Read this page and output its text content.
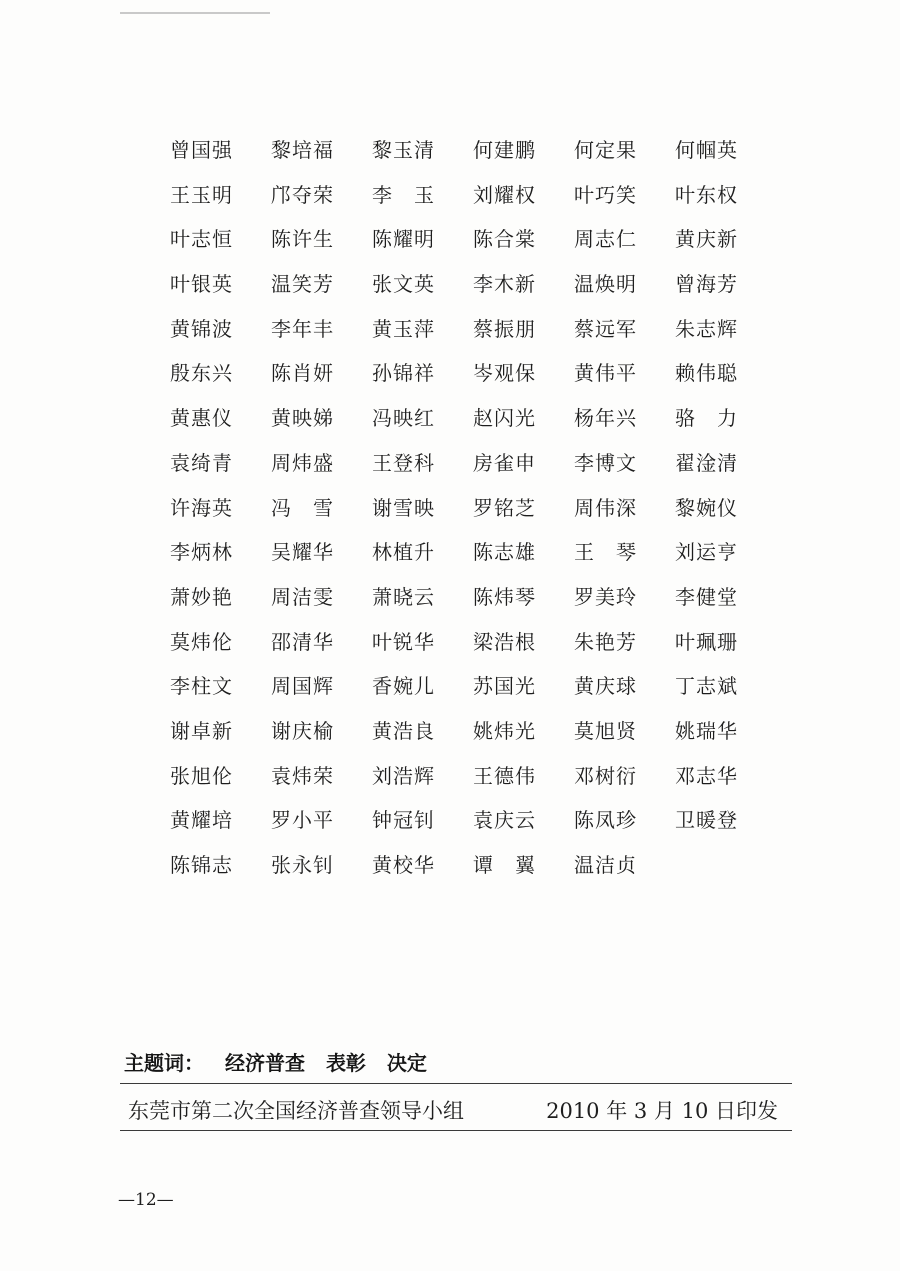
曾国强	黎培福	黎玉清	何建鹏	何定果	何帼英
王玉明	邝夺荣	李　玉	刘耀权	叶巧笑	叶东权
叶志恒	陈许生	陈耀明	陈合棠	周志仁	黄庆新
叶银英	温笑芳	张文英	李木新	温焕明	曾海芳
黄锦波	李年丰	黄玉萍	蔡振朋	蔡远军	朱志辉
殷东兴	陈肖妍	孙锦祥	岑观保	黄伟平	赖伟聪
黄惠仪	黄映娣	冯映红	赵闪光	杨年兴	骆　力
袁绮青	周炜盛	王登科	房雀申	李博文	翟淦清
许海英	冯　雪	谢雪映	罗铭芝	周伟深	黎婉仪
李炳林	吴耀华	林植升	陈志雄	王　琴	刘运亨
萧妙艳	周洁雯	萧晓云	陈炜琴	罗美玲	李健堂
莫炜伦	邵清华	叶锐华	梁浩根	朱艳芳	叶珮珊
李柱文	周国辉	香婉儿	苏国光	黄庆球	丁志斌
谢卓新	谢庆榆	黄浩良	姚炜光	莫旭贤	姚瑞华
张旭伦	袁炜荣	刘浩辉	王德伟	邓树衍	邓志华
黄耀培	罗小平	钟冠钊	袁庆云	陈凤珍	卫暖登
陈锦志	张永钊	黄校华	谭　翼	温洁贞
主题词： 经济普查 表彰 决定
东莞市第二次全国经济普查领导小组	2010 年 3 月 10 日印发
—12—
